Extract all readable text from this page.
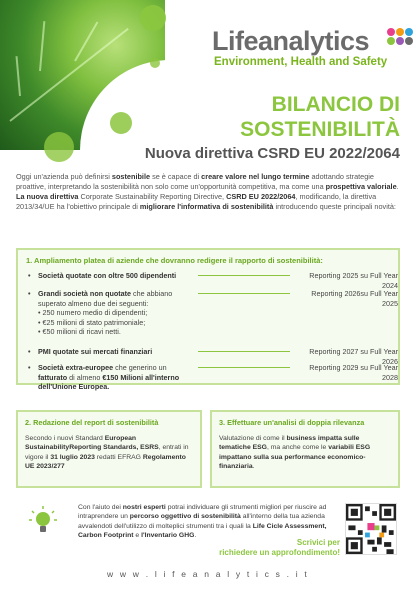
Lifeanalytics
Environment, Health and Safety
BILANCIO DI
SOSTENIBILITÀ
Nuova direttiva CSRD EU 2022/2064

Oggi un'azienda può definirsi sostenibile se è capace di creare valore nel lungo termine adottando strategie proattive, interpretando la sostenibilità non solo come un'opportunità competitiva, ma come una prospettiva valoriale.

La nuova direttiva Corporate Sustainability Reporting Directive, CSRD EU 2022/2064, modificando, la direttiva 2013/34/UE ha l'obiettivo principale di migliorare l'informativa di sostenibilità introducendo queste principali novità:

1. Ampliamento platea di aziende che dovranno redigere il rapporto di sostenibilità:
• Società quotate con oltre 500 dipendenti	Reporting 2025 su Full Year 2024
• Grandi società non quotate che abbiano superato almeno due dei seguenti:
• 250 numero medio di dipendenti;
• €25 milioni di stato patrimoniale;
• €50 milioni di ricavi netti.
Reporting 2026su Full Year 2025
• PMI quotate sui mercati finanziari	Reporting 2027 su Full Year 2026
• Società extra-europee che generino un fatturato di almeno €150 Milioni all'interno dell'Unione Europea.
Reporting 2029 su Full Year 2028
2. Redazione del report di sostenibilità
Secondo i nuovi Standard European SustainabilityReporting Standards, ESRS, entrati in vigore il 31 luglio 2023 redatti EFRAG Regolamento UE 2023/277
3. Effettuare un'analisi di doppia rilevanza
Valutazione di come il business impatta sulle tematiche ESG, ma anche come le variabili ESG impattano sulla sua performance economico-finanziaria.
Con l'aiuto dei nostri esperti potrai individuare gli strumenti migliori per riuscire ad intraprendere un percorso oggettivo di sostenibilità all'interno della tua azienda avvalendoti dell'utilizzo di molteplici strumenti tra i quali la Life Cicle Assessment, Carbon Footprint e l'Inventario GHG.
Scrivici per
richiedere un approfondimento!
w w w . l i f e a n a l y t i c s . i t
